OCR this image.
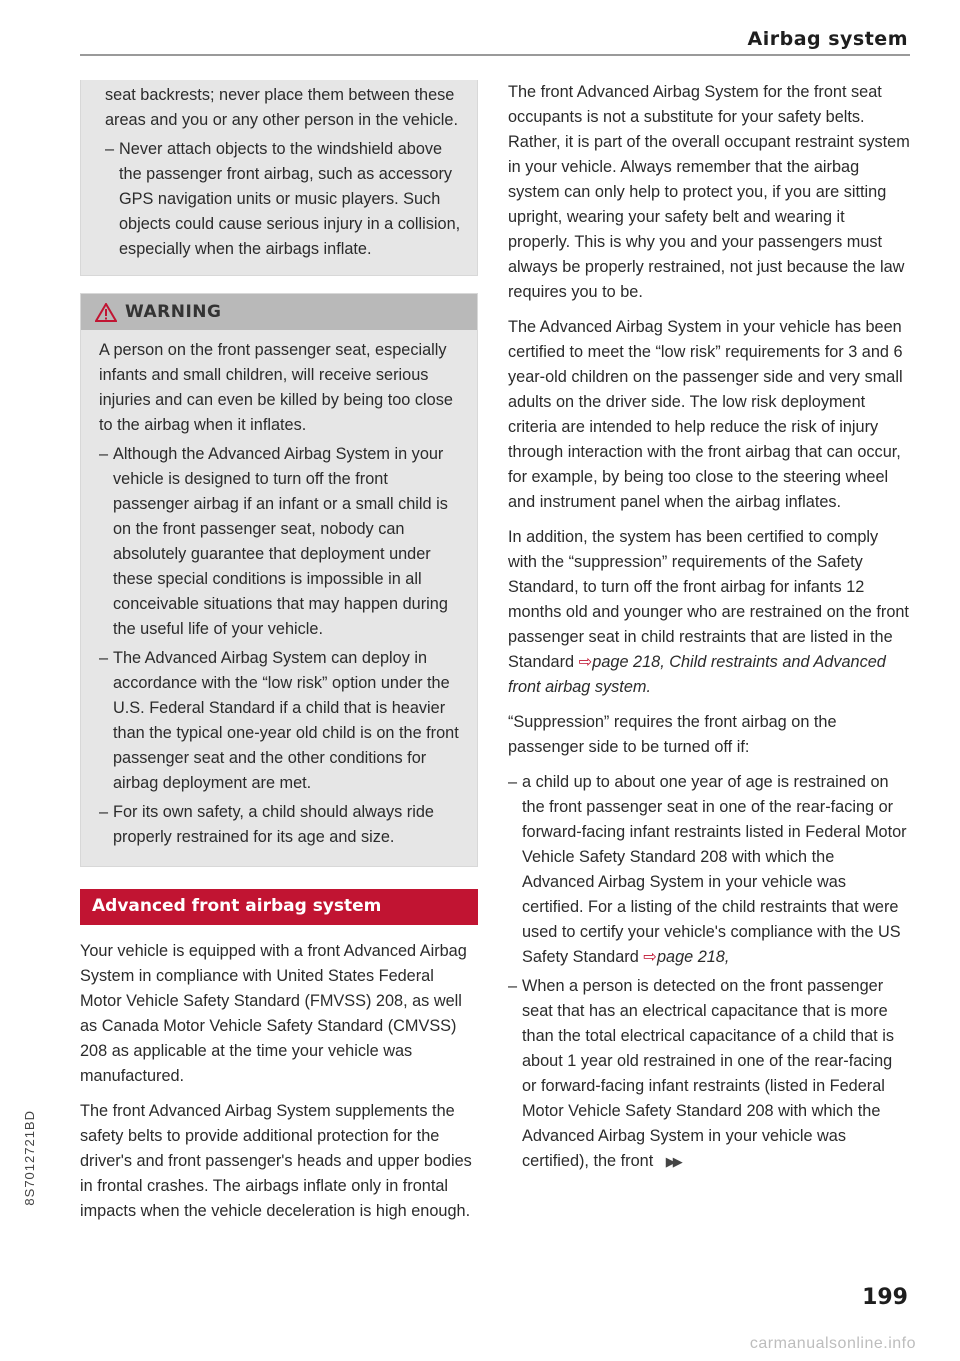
Airbag system

seat backrests; never place them between these areas and you or any other person in the vehicle.

– Never attach objects to the windshield above the passenger front airbag, such as accessory GPS navigation units or music players. Such objects could cause serious injury in a collision, especially when the airbags inflate.
WARNING

A person on the front passenger seat, especially infants and small children, will receive serious injuries and can even be killed by being too close to the airbag when it inflates.

– Although the Advanced Airbag System in your vehicle is designed to turn off the front passenger airbag if an infant or a small child is on the front passenger seat, nobody can absolutely guarantee that deployment under these special conditions is impossible in all conceivable situations that may happen during the useful life of your vehicle.
– The Advanced Airbag System can deploy in accordance with the “low risk” option under the U.S. Federal Standard if a child that is heavier than the typical one-year old child is on the front passenger seat and the other conditions for airbag deployment are met.
– For its own safety, a child should always ride properly restrained for its age and size.
Advanced front airbag system

Your vehicle is equipped with a front Advanced Airbag System in compliance with United States Federal Motor Vehicle Safety Standard (FMVSS) 208, as well as Canada Motor Vehicle Safety Standard (CMVSS) 208 as applicable at the time your vehicle was manufactured.

The front Advanced Airbag System supplements the safety belts to provide additional protection for the driver's and front passenger's heads and upper bodies in frontal crashes. The airbags inflate only in frontal impacts when the vehicle deceleration is high enough.

The front Advanced Airbag System for the front seat occupants is not a substitute for your safety belts. Rather, it is part of the overall occupant restraint system in your vehicle. Always remember that the airbag system can only help to protect you, if you are sitting upright, wearing your safety belt and wearing it properly. This is why you and your passengers must always be properly restrained, not just because the law requires you to be.

The Advanced Airbag System in your vehicle has been certified to meet the “low risk” requirements for 3 and 6 year-old children on the passenger side and very small adults on the driver side. The low risk deployment criteria are intended to help reduce the risk of injury through interaction with the front airbag that can occur, for example, by being too close to the steering wheel and instrument panel when the airbag inflates.

In addition, the system has been certified to comply with the “suppression” requirements of the Safety Standard, to turn off the front airbag for infants 12 months old and younger who are restrained on the front passenger seat in child restraints that are listed in the Standard ⇨page 218, Child restraints and Advanced front airbag system.

“Suppression” requires the front airbag on the passenger side to be turned off if:

– a child up to about one year of age is restrained on the front passenger seat in one of the rear-facing or forward-facing infant restraints listed in Federal Motor Vehicle Safety Standard 208 with which the Advanced Airbag System in your vehicle was certified. For a listing of the child restraints that were used to certify your vehicle's compliance with the US Safety Standard ⇨page 218,
– When a person is detected on the front passenger seat that has an electrical capacitance that is more than the total electrical capacitance of a child that is about 1 year old restrained in one of the rear-facing or forward-facing infant restraints (listed in Federal Motor Vehicle Safety Standard 208 with which the Advanced Airbag System in your vehicle was certified), the front ▶▶
8S7012721BD
199
carmanualsonline.info
